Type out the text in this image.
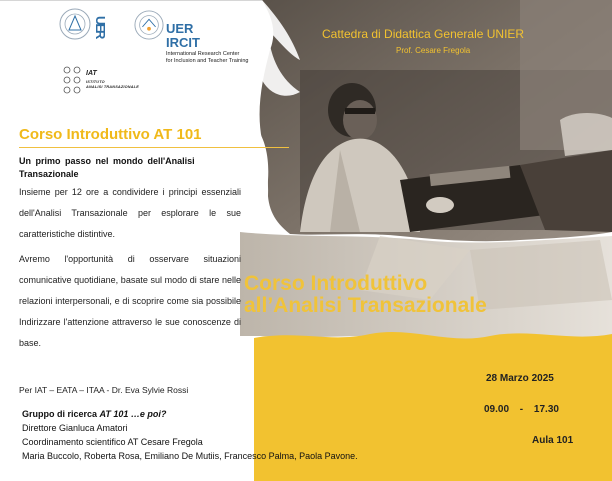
UER	UER IRCIT
International Research Center
for Inclusion and Teacher Training
IAT
ISTITUTO
ANALISI TRANSAZIONALE
Cattedra di Didattica Generale UNIER
Prof. Cesare Fregola
Corso Introduttivo AT 101
Un primo passo nel mondo dell'Analisi Transazionale
Insieme per 12 ore a condividere i principi essenziali dell'Analisi Transazionale per esplorare le sue caratteristiche distintive.
Avremo l'opportunità di osservare situazioni comunicative quotidiane, basate sul modo di stare nelle relazioni interpersonali, e di scoprire come sia possibile Indirizzare l'attenzione attraverso le sue conoscenze di base.
Per IAT – EATA – ITAA - Dr. Eva Sylvie Rossi
Corso Introduttivo
all’Analisi Transazionale
28 Marzo 2025
09.00 - 17.30
Aula 101
Gruppo di ricerca AT 101 …e poi?
Direttore Gianluca Amatori
Coordinamento scientifico AT Cesare Fregola
Maria Buccolo, Roberta Rosa, Emiliano De Mutiis, Francesco Palma, Paola Pavone.
